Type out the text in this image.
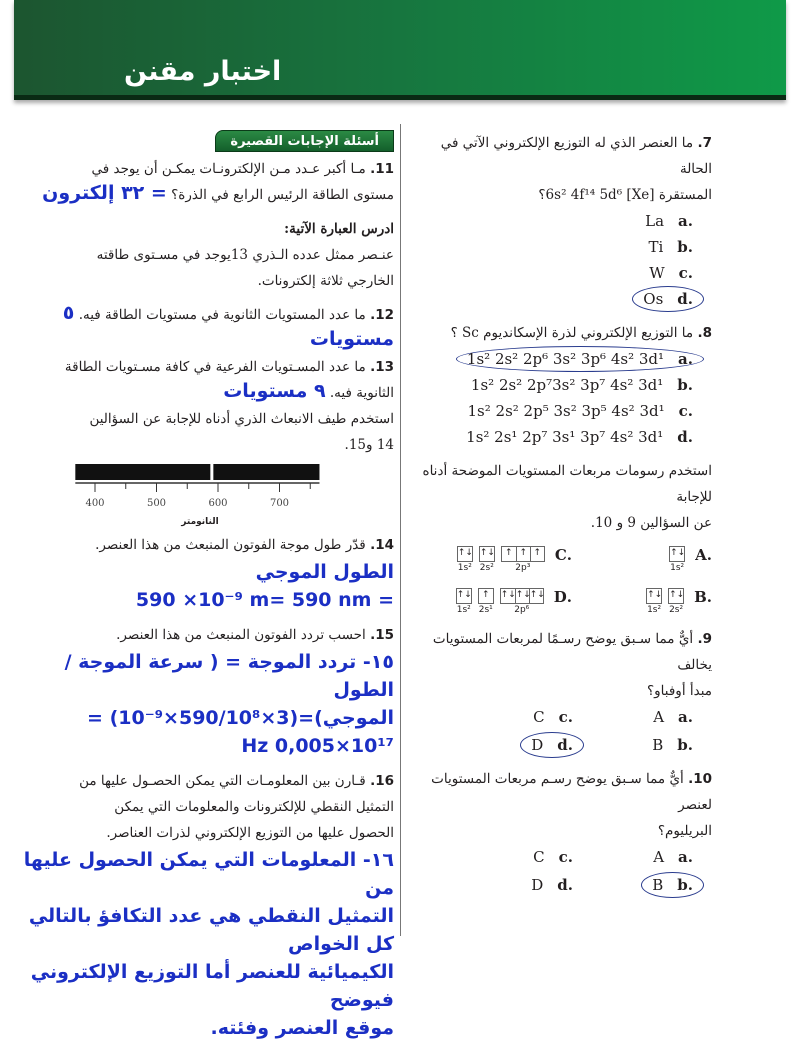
اختبار مقنن
أسئلة الإجابات القصيرة
11. مـا أكبر عـدد مـن الإلكترونـات يمكـن أن يوجد في
مستوى الطاقة الرئيس الرابع في الذرة؟ = ٣٢ إلكترون
ادرس العبارة الآتية:
عنـصر ممثل عدده الـذري 13يوجد في مسـتوى طاقته
الخارجي ثلاثة إلكترونات.
12. ما عدد المستويات الثانوية في مستويات الطاقة فيه. ٥ مستويات
13. ما عدد المسـتويات الفرعية في كافة مسـتويات الطاقة
الثانوية فيه. ٩ مستويات
استخدم طيف الانبعاث الذري أدناه للإجابة عن السؤالين
14 و15.
400	500	600	700
النانومتر
14. قدّر طول موجة الفوتون المنبعث من هذا العنصر.
الطول الموجي 590 ×10⁻⁹ m= 590 nm =
15. احسب تردد الفوتون المنبعث من هذا العنصر.
١٥- تردد الموجة = ( سرعة الموجة / الطول
الموجي)= (10⁻⁹×590/10⁸×3)=
Hz 0,005×10¹⁷
16. قـارن بين المعلومـات التي يمكن الحصـول عليها من
التمثيل النقطي للإلكترونات والمعلومات التي يمكن
الحصول عليها من التوزيع الإلكتروني لذرات العناصر.
١٦- المعلومات التي يمكن الحصول عليها من
التمثيل النقطي هي عدد التكافؤ بالتالي كل الخواص
الكيميائية للعنصر أما التوزيع الإلكتروني فيوضح
موقع العنصر وفئته.
7. ما العنصر الذي له التوزيع الإلكتروني الآتي في الحالة
المستقرة [Xe] 6s² 4f¹⁴ 5d⁶؟
.a
La
.b
Ti
.c
W
.d
Os
8. ما التوزيع الإلكتروني لذرة الإسكانديوم Sc ؟
.a
1s² 2s² 2p⁶ 3s² 3p⁶ 4s² 3d¹
.b
1s² 2s² 2p⁷3s² 3p⁷ 4s² 3d¹
.c
1s² 2s² 2p⁵ 3s² 3p⁵ 4s² 3d¹
.d
1s² 2s¹ 2p⁷ 3s¹ 3p⁷ 4s² 3d¹
استخدم رسومات مربعات المستويات الموضحة أدناه للإجابة
عن السؤالين 9 و 10.
.A
↑↓
1s²
.B
↑↓
1s²
↑↓
2s²
.C
↑↓
1s²
↑↓
2s²
↑ ↑ ↑
2p³
.D
↑↓
1s²
↑
2s¹
↑↓ ↑↓
↑↓
2p⁶
9. أيٌّ مما سـبق يوضح رسـمًا لمربعات المستويات يخالف
مبدأ أوفباو؟
.a
A
.b
B
.c
C
.d
D
10. أيٌّ مما سـبق يوضح رسـم مربعات المستويات لعنصر
البريليوم؟
.a
A
.b
B
.c
C
.d
D
